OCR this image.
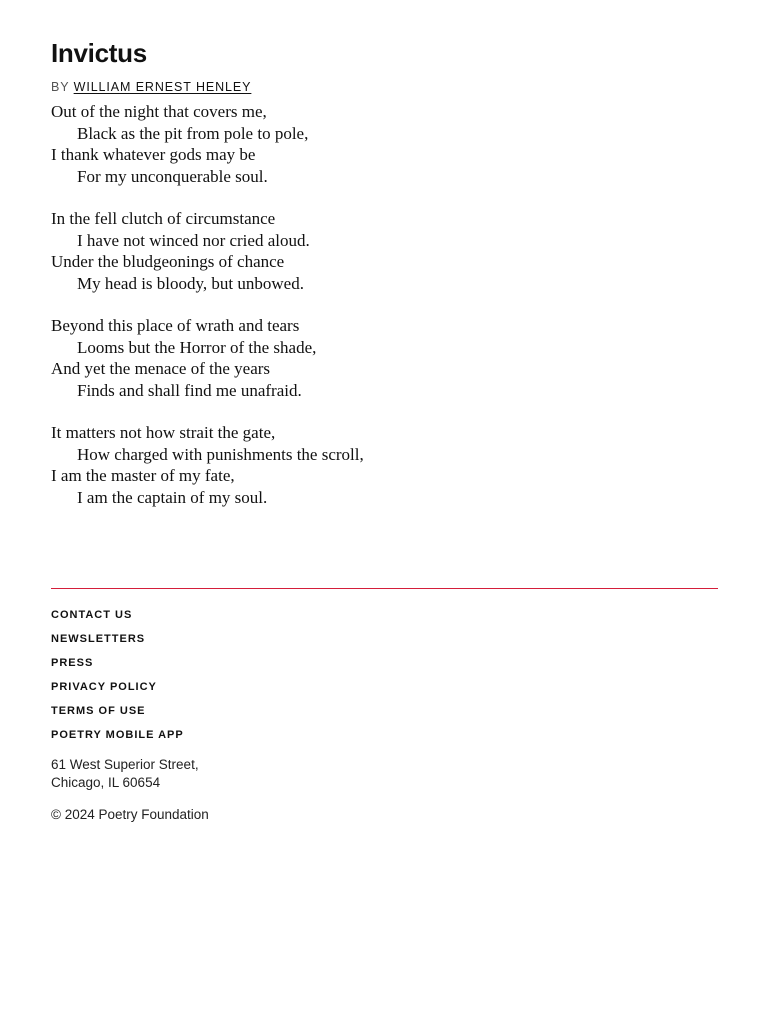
Invictus
BY WILLIAM ERNEST HENLEY
Out of the night that covers me,
Black as the pit from pole to pole,
I thank whatever gods may be
For my unconquerable soul.
In the fell clutch of circumstance
I have not winced nor cried aloud.
Under the bludgeonings of chance
My head is bloody, but unbowed.
Beyond this place of wrath and tears
Looms but the Horror of the shade,
And yet the menace of the years
Finds and shall find me unafraid.
It matters not how strait the gate,
How charged with punishments the scroll,
I am the master of my fate,
I am the captain of my soul.
CONTACT US
NEWSLETTERS
PRESS
PRIVACY POLICY
TERMS OF USE
POETRY MOBILE APP
61 West Superior Street,
Chicago, IL 60654
© 2024 Poetry Foundation
